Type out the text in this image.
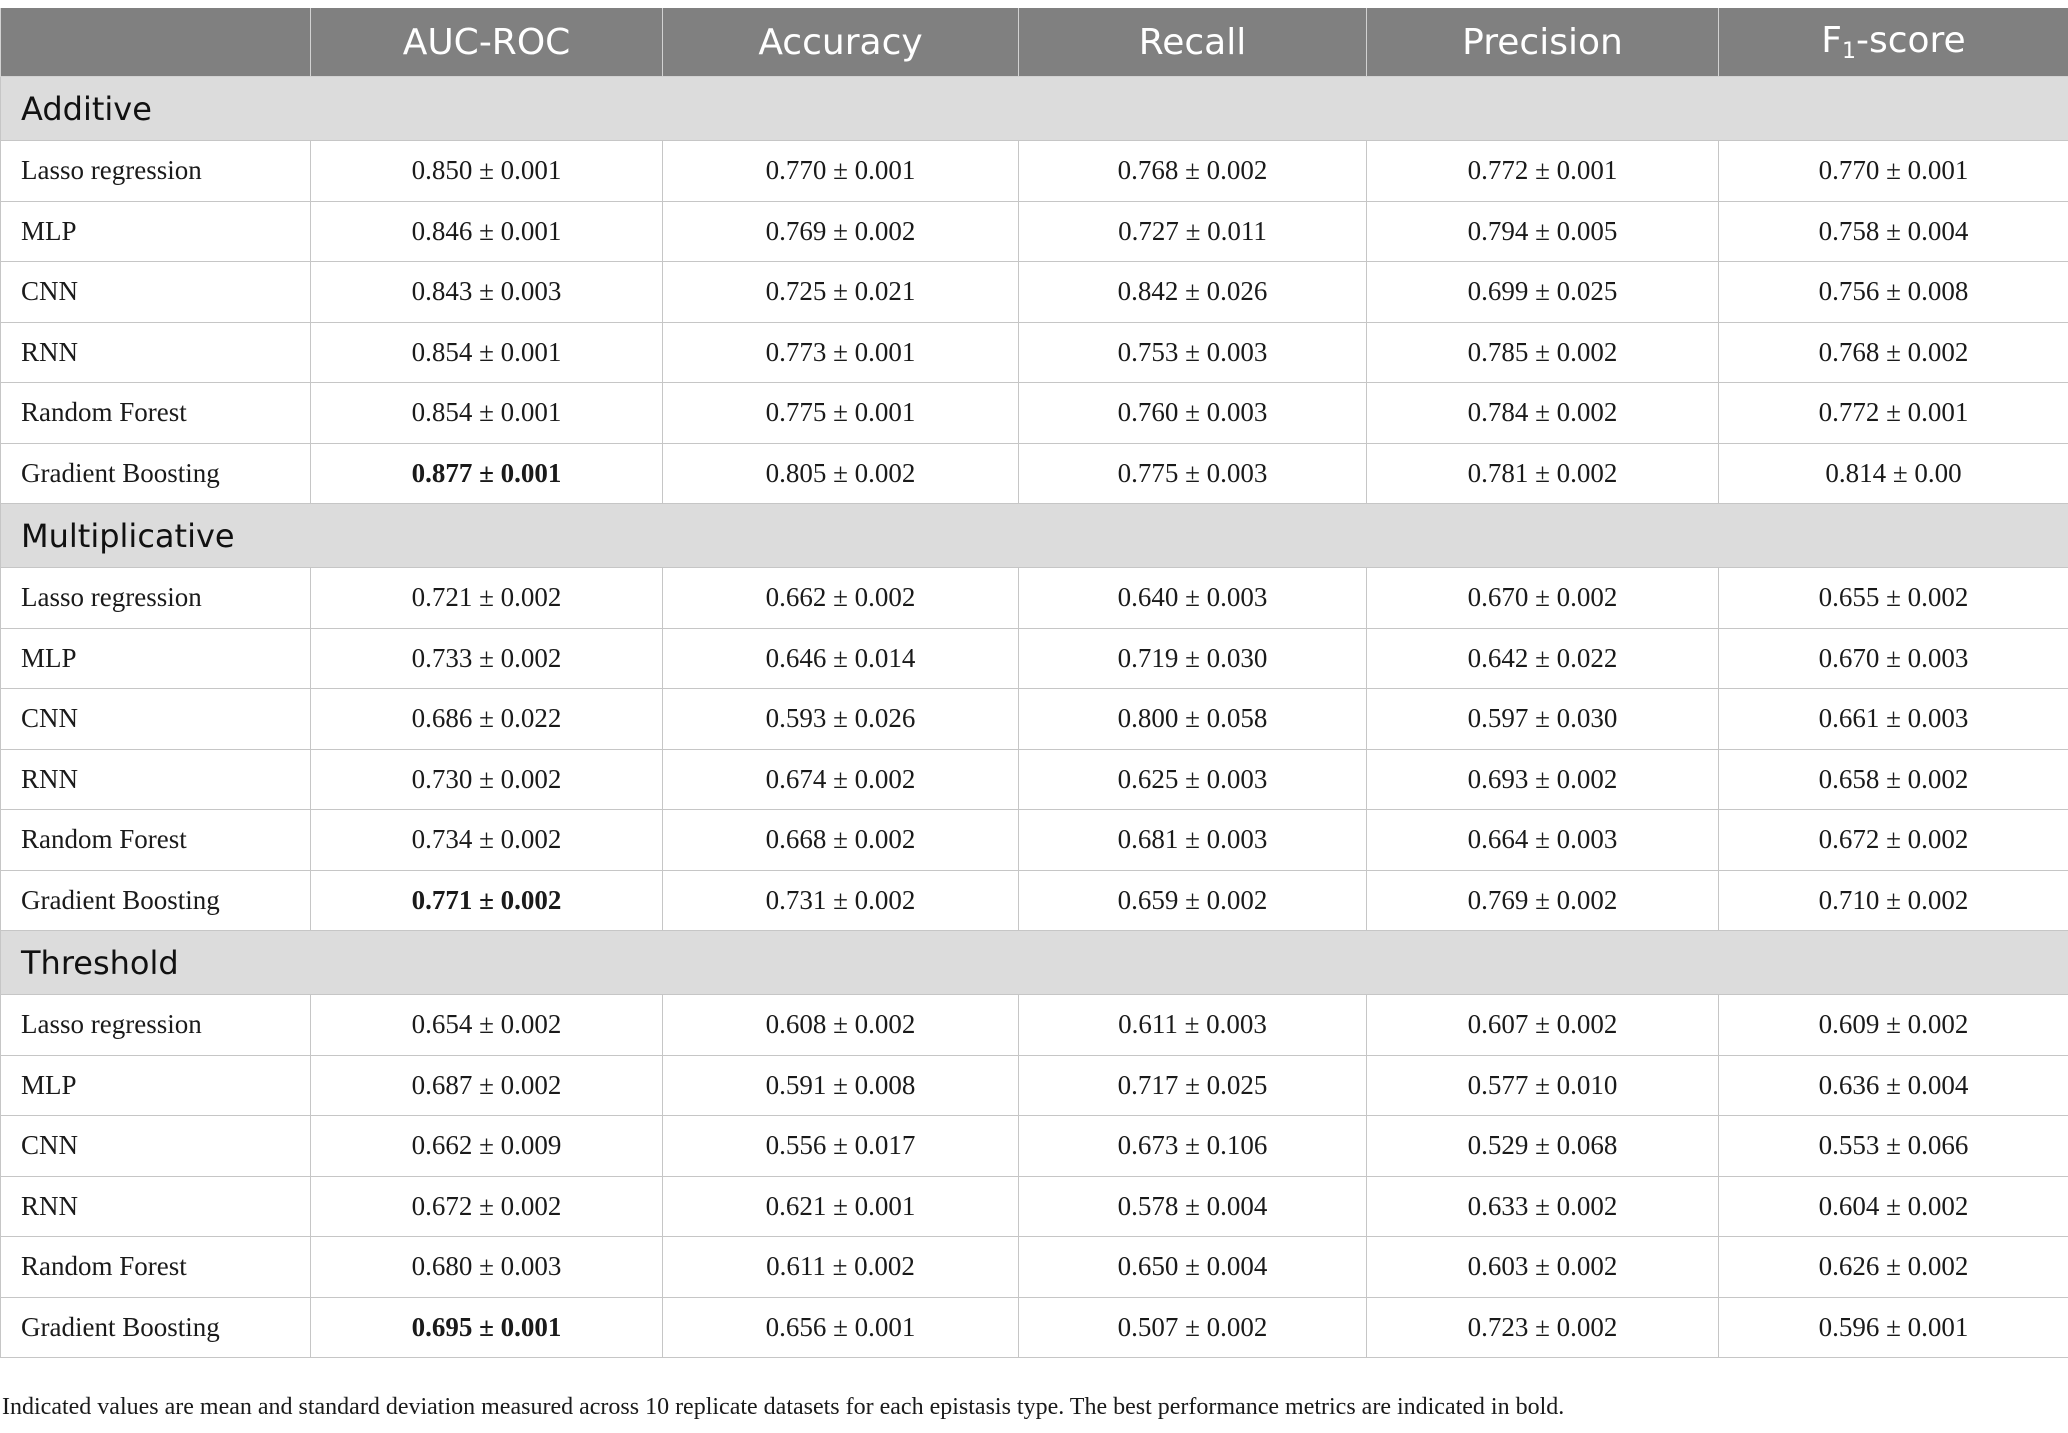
	AUC-ROC	Accuracy	Recall	Precision	$F_1$-score
Additive					
Lasso regression	0.850 ± 0.001	0.770 ± 0.001	0.768 ± 0.002	0.772 ± 0.001	0.770 ± 0.001
MLP	0.846 ± 0.001	0.769 ± 0.002	0.727 ± 0.011	0.794 ± 0.005	0.758 ± 0.004
CNN	0.843 ± 0.003	0.725 ± 0.021	0.842 ± 0.026	0.699 ± 0.025	0.756 ± 0.008
RNN	0.854 ± 0.001	0.773 ± 0.001	0.753 ± 0.003	0.785 ± 0.002	0.768 ± 0.002
Random Forest	0.854 ± 0.001	0.775 ± 0.001	0.760 ± 0.003	0.784 ± 0.002	0.772 ± 0.001
Gradient Boosting	0.877 ± 0.001	0.805 ± 0.002	0.775 ± 0.003	0.781 ± 0.002	0.814 ± 0.00
Multiplicative					
Lasso regression	0.721 ± 0.002	0.662 ± 0.002	0.640 ± 0.003	0.670 ± 0.002	0.655 ± 0.002
MLP	0.733 ± 0.002	0.646 ± 0.014	0.719 ± 0.030	0.642 ± 0.022	0.670 ± 0.003
CNN	0.686 ± 0.022	0.593 ± 0.026	0.800 ± 0.058	0.597 ± 0.030	0.661 ± 0.003
RNN	0.730 ± 0.002	0.674 ± 0.002	0.625 ± 0.003	0.693 ± 0.002	0.658 ± 0.002
Random Forest	0.734 ± 0.002	0.668 ± 0.002	0.681 ± 0.003	0.664 ± 0.003	0.672 ± 0.002
Gradient Boosting	0.771 ± 0.002	0.731 ± 0.002	0.659 ± 0.002	0.769 ± 0.002	0.710 ± 0.002
Threshold					
Lasso regression	0.654 ± 0.002	0.608 ± 0.002	0.611 ± 0.003	0.607 ± 0.002	0.609 ± 0.002
MLP	0.687 ± 0.002	0.591 ± 0.008	0.717 ± 0.025	0.577 ± 0.010	0.636 ± 0.004
CNN	0.662 ± 0.009	0.556 ± 0.017	0.673 ± 0.106	0.529 ± 0.068	0.553 ± 0.066
RNN	0.672 ± 0.002	0.621 ± 0.001	0.578 ± 0.004	0.633 ± 0.002	0.604 ± 0.002
Random Forest	0.680 ± 0.003	0.611 ± 0.002	0.650 ± 0.004	0.603 ± 0.002	0.626 ± 0.002
Gradient Boosting	0.695 ± 0.001	0.656 ± 0.001	0.507 ± 0.002	0.723 ± 0.002	0.596 ± 0.001
Indicated values are mean and standard deviation measured across 10 replicate datasets for each epistasis type. The best performance metrics are indicated in bold.
